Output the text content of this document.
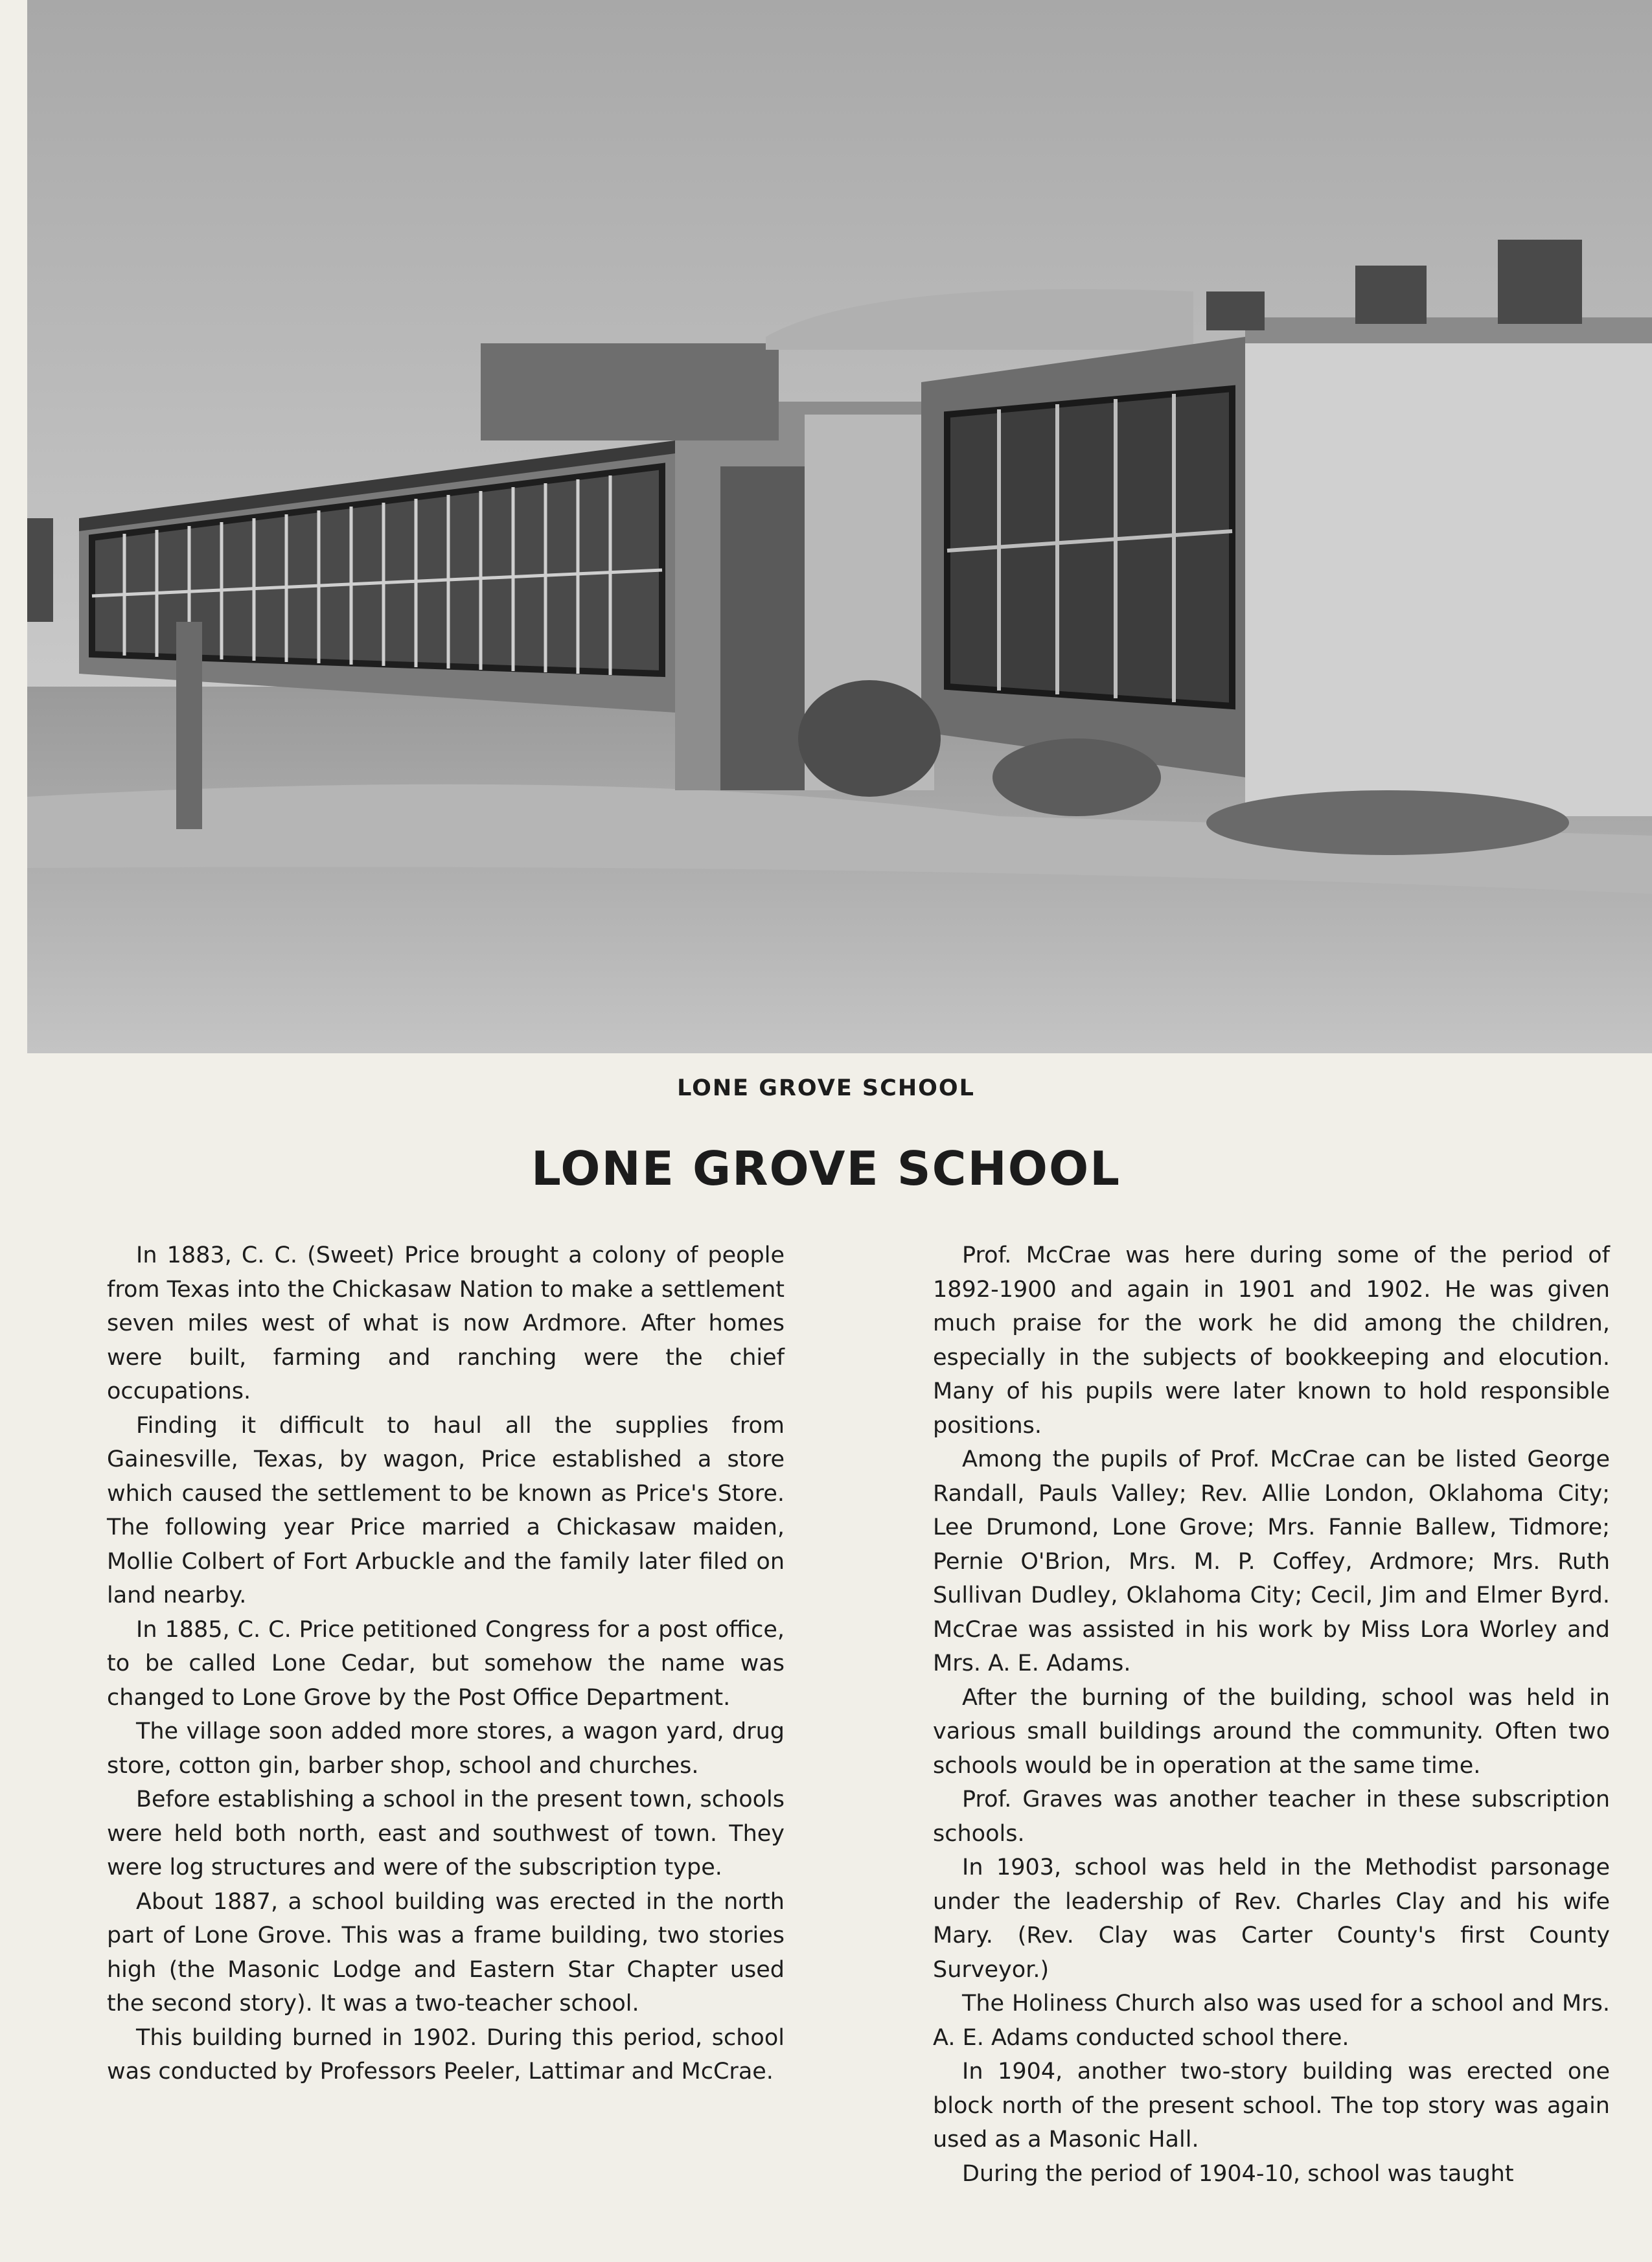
LONE GROVE SCHOOL
LONE GROVE SCHOOL

In 1883, C. C. (Sweet) Price brought a colony of people from Texas into the Chickasaw Nation to make a settlement seven miles west of what is now Ardmore. After homes were built, farming and ranching were the chief occupations.

Finding it difficult to haul all the supplies from Gainesville, Texas, by wagon, Price established a store which caused the settlement to be known as Price's Store. The following year Price married a Chickasaw maiden, Mollie Colbert of Fort Arbuckle and the family later filed on land nearby.

In 1885, C. C. Price petitioned Congress for a post office, to be called Lone Cedar, but somehow the name was changed to Lone Grove by the Post Office Department.

The village soon added more stores, a wagon yard, drug store, cotton gin, barber shop, school and churches.

Before establishing a school in the present town, schools were held both north, east and southwest of town. They were log structures and were of the subscription type.

About 1887, a school building was erected in the north part of Lone Grove. This was a frame building, two stories high (the Masonic Lodge and Eastern Star Chapter used the second story). It was a two-teacher school.

This building burned in 1902. During this period, school was conducted by Professors Peeler, Lattimar and McCrae.

Prof. McCrae was here during some of the period of 1892-1900 and again in 1901 and 1902. He was given much praise for the work he did among the children, especially in the subjects of bookkeeping and elocution. Many of his pupils were later known to hold responsible positions.

Among the pupils of Prof. McCrae can be listed George Randall, Pauls Valley; Rev. Allie London, Oklahoma City; Lee Drumond, Lone Grove; Mrs. Fannie Ballew, Tidmore; Pernie O'Brion, Mrs. M. P. Coffey, Ardmore; Mrs. Ruth Sullivan Dudley, Oklahoma City; Cecil, Jim and Elmer Byrd. McCrae was assisted in his work by Miss Lora Worley and Mrs. A. E. Adams.

After the burning of the building, school was held in various small buildings around the community. Often two schools would be in operation at the same time.

Prof. Graves was another teacher in these subscription schools.

In 1903, school was held in the Methodist parsonage under the leadership of Rev. Charles Clay and his wife Mary. (Rev. Clay was Carter County's first County Surveyor.)

The Holiness Church also was used for a school and Mrs. A. E. Adams conducted school there.

In 1904, another two-story building was erected one block north of the present school. The top story was again used as a Masonic Hall.

During the period of 1904-10, school was taught
